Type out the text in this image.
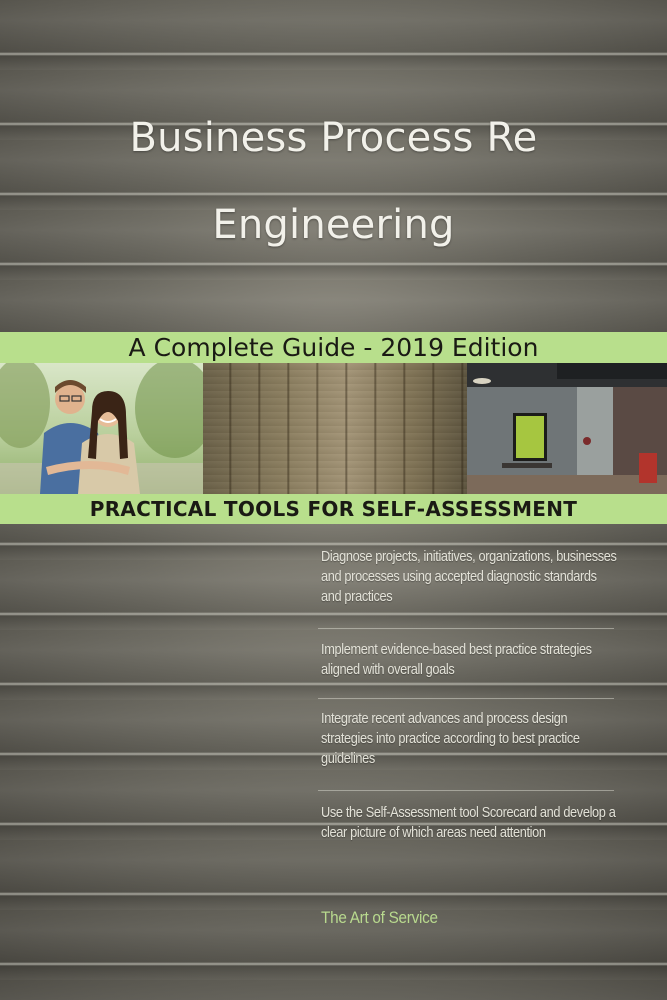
Business Process Re
Engineering
A Complete Guide - 2019 Edition
PRACTICAL TOOLS FOR SELF-ASSESSMENT
Diagnose projects, initiatives, organizations, businesses and processes using accepted diagnostic standards and practices
Implement evidence-based best practice strategies aligned with overall goals
Integrate recent advances and process design strategies into practice according to best practice guidelines
Use the Self-Assessment tool Scorecard and develop a clear picture of which areas need attention
The Art of Service
